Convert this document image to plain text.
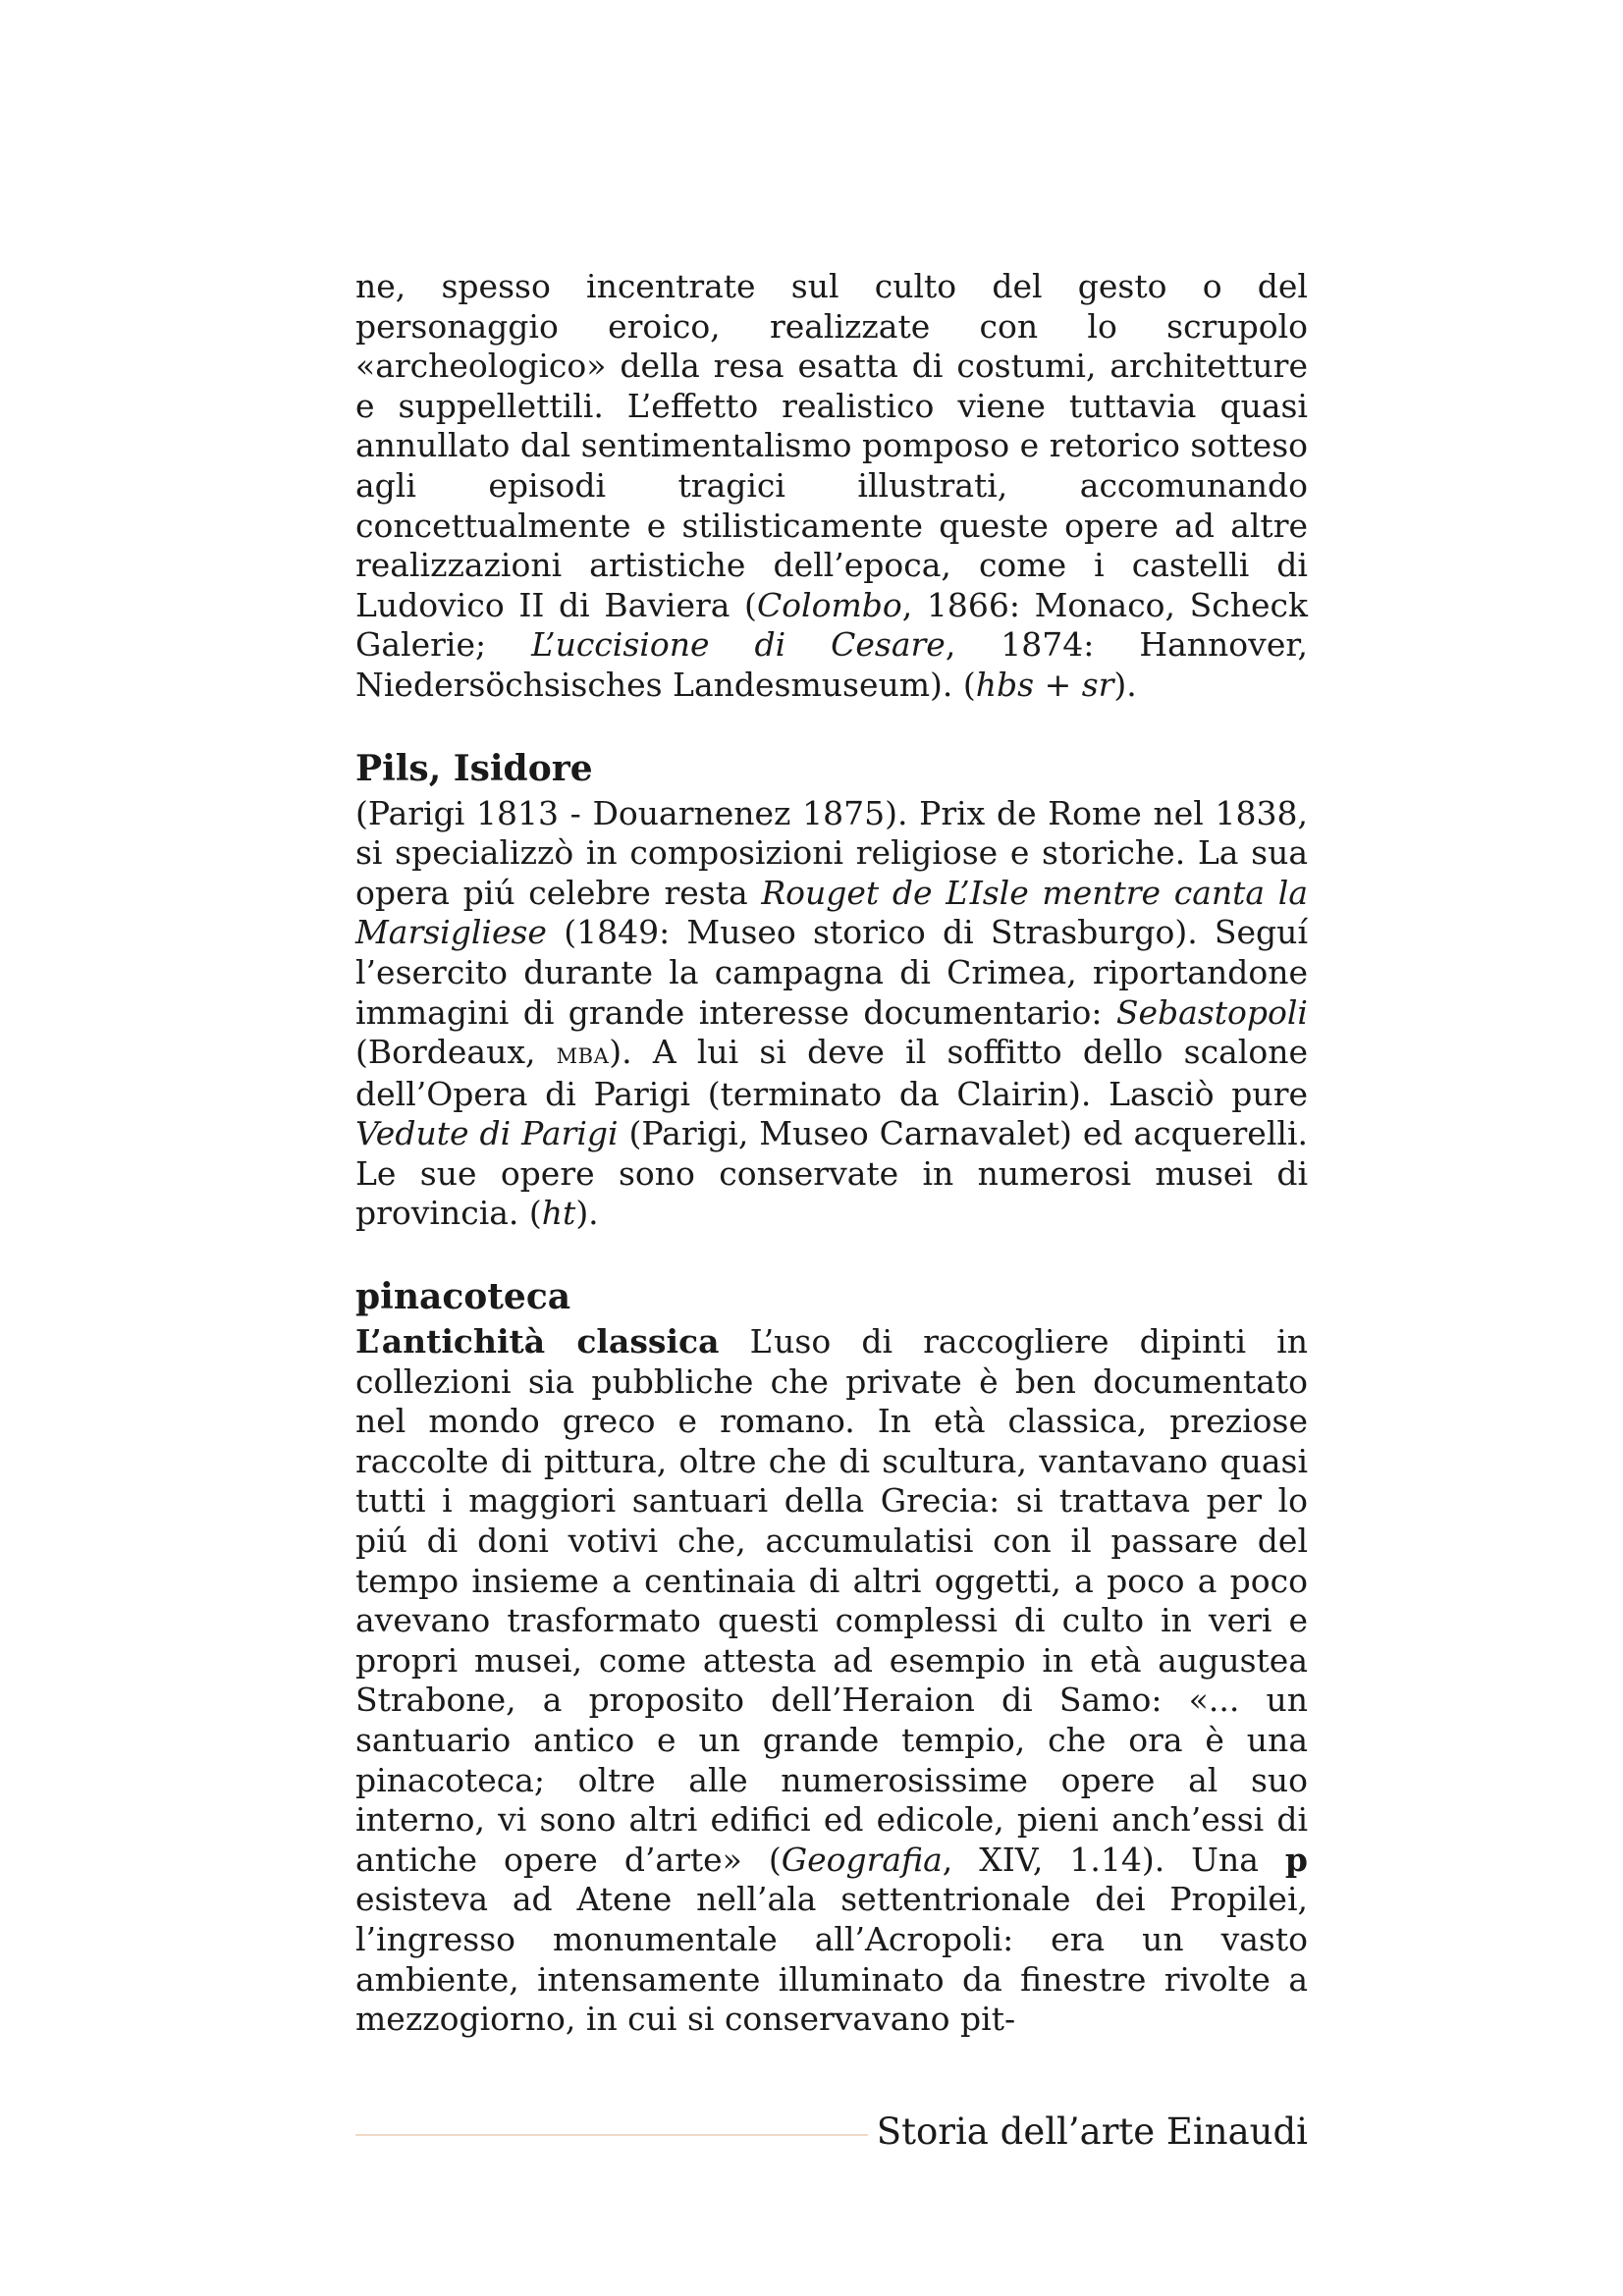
ne, spesso incentrate sul culto del gesto o del personaggio eroico, realizzate con lo scrupolo «archeologico» della resa esatta di costumi, architetture e suppellettili. L’effetto realistico viene tuttavia quasi annullato dal sentimentalismo pomposo e retorico sotteso agli episodi tragici illustrati, accomunando concettualmente e stilisticamente queste opere ad altre realizzazioni artistiche dell’epoca, come i castelli di Ludovico II di Baviera (Colombo, 1866: Monaco, Scheck Galerie; L’uccisione di Cesare, 1874: Hannover, Niedersöchsisches Landesmuseum). (hbs + sr).

Pils, Isidore

(Parigi 1813 - Douarnenez 1875). Prix de Rome nel 1838, si specializzò in composizioni religiose e storiche. La sua opera piú celebre resta Rouget de L’Isle mentre canta la Marsigliese (1849: Museo storico di Strasburgo). Seguí l’esercito durante la campagna di Crimea, riportandone immagini di grande interesse documentario: Sebastopoli (Bordeaux, mba). A lui si deve il soffitto dello scalone dell’Opera di Parigi (terminato da Clairin). Lasciò pure Vedute di Parigi (Parigi, Museo Carnavalet) ed acquerelli. Le sue opere sono conservate in numerosi musei di provincia. (ht).

pinacoteca

L’antichità classica L’uso di raccogliere dipinti in collezioni sia pubbliche che private è ben documentato nel mondo greco e romano. In età classica, preziose raccolte di pittura, oltre che di scultura, vantavano quasi tutti i maggiori santuari della Grecia: si trattava per lo piú di doni votivi che, accumulatisi con il passare del tempo insieme a centinaia di altri oggetti, a poco a poco avevano trasformato questi complessi di culto in veri e propri musei, come attesta ad esempio in età augustea Strabone, a proposito dell’Heraion di Samo: «... un santuario antico e un grande tempio, che ora è una pinacoteca; oltre alle numerosissime opere al suo interno, vi sono altri edifici ed edicole, pieni anch’essi di antiche opere d’arte» (Geografia, XIV, 1.14). Una p esisteva ad Atene nell’ala settentrionale dei Propilei, l’ingresso monumentale all’Acropoli: era un vasto ambiente, intensamente illuminato da finestre rivolte a mezzogiorno, in cui si conservavano pit-

Storia dell’arte Einaudi
